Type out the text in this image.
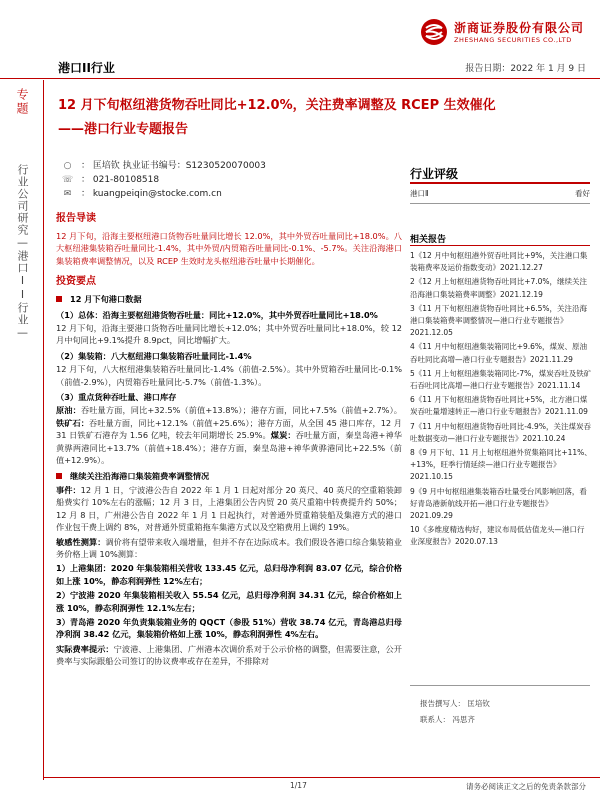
浙商证券股份有限公司
ZHESHANG SECURITIES CO.,LTD
港口II行业	报告日期：2022 年 1 月 9 日
专题
行业公司研究—港口II行业—
12 月下旬枢纽港货物吞吐同比+12.0%，关注费率调整及 RCEP 生效催化
——港口行业专题报告
○ ： 匡培钦 执业证书编号：S1230520070003
☏ ： 021-80108518
✉ ： kuangpeiqin@stocke.com.cn
行业评级
港口Ⅱ	看好
相关报告
1《12 月中旬枢纽港外贸吞吐同比+9%，关注港口集装箱费率及运价指数变动》2021.12.27
2《12 月上旬枢纽港货物吞吐同比+7.0%，继续关注沿海港口集装箱费率调整》2021.12.19
3《11 月下旬枢纽港货物吞吐同比+6.5%，关注沿海港口集装箱费率调整情况—港口行业专题报告》2021.12.05
4《11 月中旬枢纽港集装箱同比+9.6%，煤炭、原油吞吐同比高增—港口行业专题报告》2021.11.29
5《11 月上旬枢纽港集装箱同比-7%，煤炭吞吐及铁矿石吞吐同比高增—港口行业专题报告》2021.11.14
6《11 月下旬枢纽港货物吞吐同比+5%，北方港口煤炭吞吐量增速转正—港口行业专题报告》2021.11.09
7《11 月中旬枢纽港货物吞吐同比-4.9%，关注煤炭吞吐数据变动—港口行业专题报告》2021.10.24
8《9 月下旬、11 月上旬枢纽港外贸集箱同比+11%、+13%，旺季行情延续—港口行业专题报告》2021.10.15
9《9 月中旬枢纽港集装箱吞吐量受台风影响回落，看好青岛港新航线开拓—港口行业专题报告》2021.09.29
10《多维度精选构好，建议布局低估值龙头—港口行业深度报告》2020.07.13
报告撰写人： 匡培钦
联系人： 冯思齐
报告导读
12 月下旬，沿海主要枢纽港口货物吞吐量同比增长 12.0%，其中外贸吞吐量同比+18.0%。八大枢纽港集装箱吞吐量同比-1.4%，其中外贸/内贸箱吞吐量同比-0.1%、-5.7%。关注沿海港口集装箱费率调整情况，以及 RCEP 生效时龙头枢纽港吞吐量中长期催化。
投资要点
12 月下旬港口数据
（1）总体：沿海主要枢纽港货物吞吐量：同比+12.0%，其中外贸吞吐量同比+18.0%
12 月下旬，沿海主要港口货物吞吐量同比增长+12.0%；其中外贸吞吐量同比+18.0%，较 12 月中旬同比+9.1%提升 8.9pct，同比增幅扩大。
（2）集装箱：八大枢纽港口集装箱吞吐量同比-1.4%
12 月下旬，八大枢纽港集装箱吞吐量同比-1.4%（前值-2.5%）。其中外贸箱吞吐量同比-0.1%（前值-2.9%），内贸箱吞吐量同比-5.7%（前值-1.3%）。
（3）重点货种吞吐量、港口库存
原油：吞吐量方面，同比+32.5%（前值+13.8%）；港存方面，同比+7.5%（前值+2.7%）。铁矿石：吞吐量方面，同比+12.1%（前值+25.6%）；港存方面，从全国 45 港口库存，12 月 31 日铁矿石港存为 1.56 亿吨，较去年同期增长 25.9%。煤炭：吞吐量方面，秦皇岛港+神华黄骅两港同比+13.7%（前值+18.4%）；港存方面，秦皇岛港+神华黄骅港同比+22.5%（前值+12.9%）。
继续关注沿海港口集装箱费率调整情况
事件：12 月 1 日，宁波港公告自 2022 年 1 月 1 日起对部分 20 英尺、40 英尺的空重箱装卸船费实行 10%左右的涨幅；12 月 3 日，上港集团公告内贸 20 英尺重箱中转费提升约 50%；12 月 8 日，广州港公告自 2022 年 1 月 1 日起执行，对普通外贸重箱装船及集港方式的港口作业包干费上调约 8%，对普通外贸重箱拖车集港方式以及空箱费用上调约 19%。
敏感性测算：调价将有望带来收入端增量，但并不存在边际成本。我们假设各港口综合集装箱业务价格上调 10%测算：
1）上港集团：2020 年集装箱相关营收 133.45 亿元，总归母净利润 83.07 亿元，综合价格如上涨 10%，静态利润弹性 12%左右；
2）宁波港 2020 年集装箱相关收入 55.54 亿元，总归母净利润 34.31 亿元，综合价格如上涨 10%，静态利润弹性 12.1%左右；
3）青岛港 2020 年负责集装箱业务的 QQCT（参股 51%）营收 38.74 亿元，青岛港总归母净利润 38.42 亿元，集装箱价格如上涨 10%，静态利润弹性 4%左右。
实际费率提示：宁波港、上港集团、广州港本次调价系对于公示价格的调整，但需要注意，公开费率与实际跟船公司签订的协议费率或存在差异，不排除对
1/17	请务必阅读正文之后的免责条款部分
